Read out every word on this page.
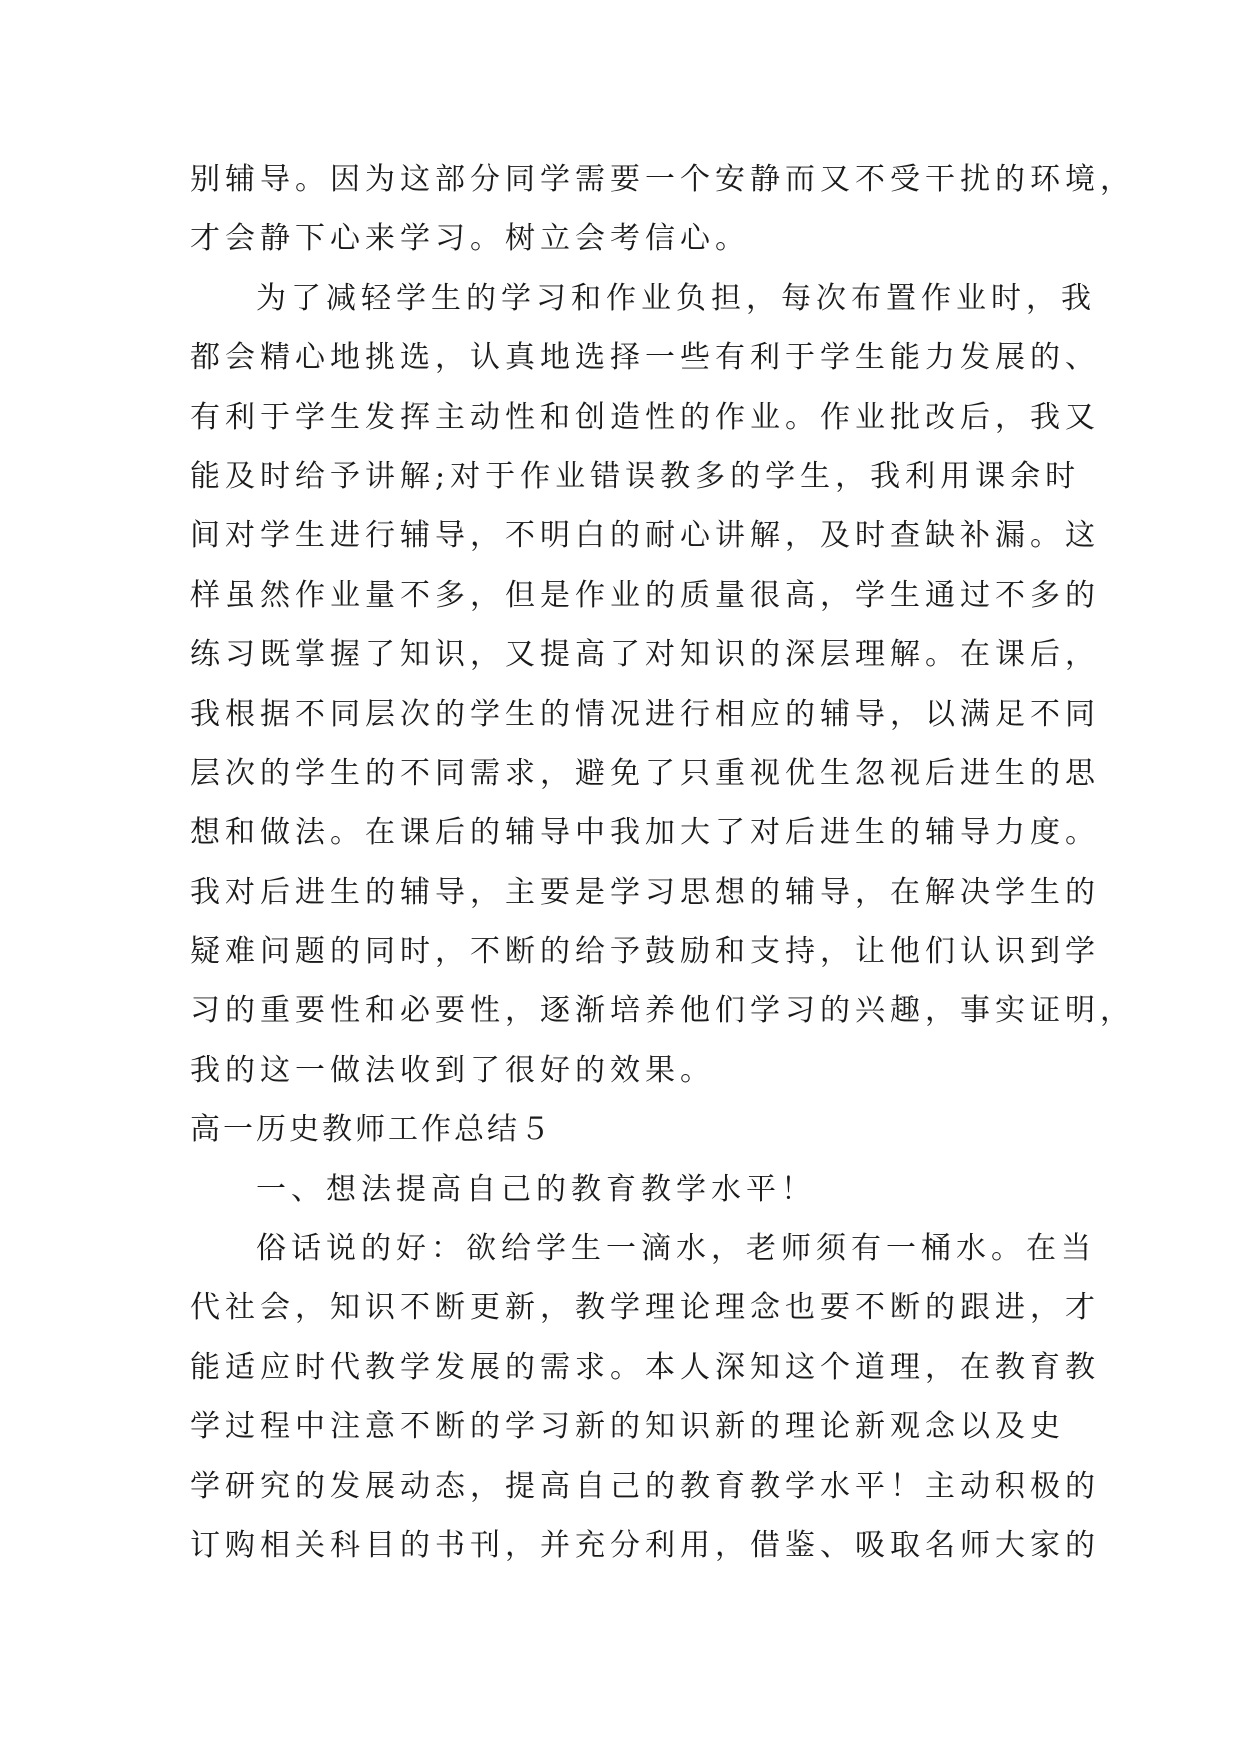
别辅导。因为这部分同学需要一个安静而又不受干扰的环境，
才会静下心来学习。树立会考信心。
为了减轻学生的学习和作业负担，每次布置作业时，我
都会精心地挑选，认真地选择一些有利于学生能力发展的、
有利于学生发挥主动性和创造性的作业。作业批改后，我又
能及时给予讲解;对于作业错误教多的学生，我利用课余时
间对学生进行辅导，不明白的耐心讲解，及时查缺补漏。这
样虽然作业量不多，但是作业的质量很高，学生通过不多的
练习既掌握了知识，又提高了对知识的深层理解。在课后，
我根据不同层次的学生的情况进行相应的辅导，以满足不同
层次的学生的不同需求，避免了只重视优生忽视后进生的思
想和做法。在课后的辅导中我加大了对后进生的辅导力度。
我对后进生的辅导，主要是学习思想的辅导，在解决学生的
疑难问题的同时，不断的给予鼓励和支持，让他们认识到学
习的重要性和必要性，逐渐培养他们学习的兴趣，事实证明，
我的这一做法收到了很好的效果。
高一历史教师工作总结５
一、想法提高自己的教育教学水平！
俗话说的好：欲给学生一滴水，老师须有一桶水。在当
代社会，知识不断更新，教学理论理念也要不断的跟进，才
能适应时代教学发展的需求。本人深知这个道理，在教育教
学过程中注意不断的学习新的知识新的理论新观念以及史
学研究的发展动态，提高自己的教育教学水平！主动积极的
订购相关科目的书刊，并充分利用，借鉴、吸取名师大家的
